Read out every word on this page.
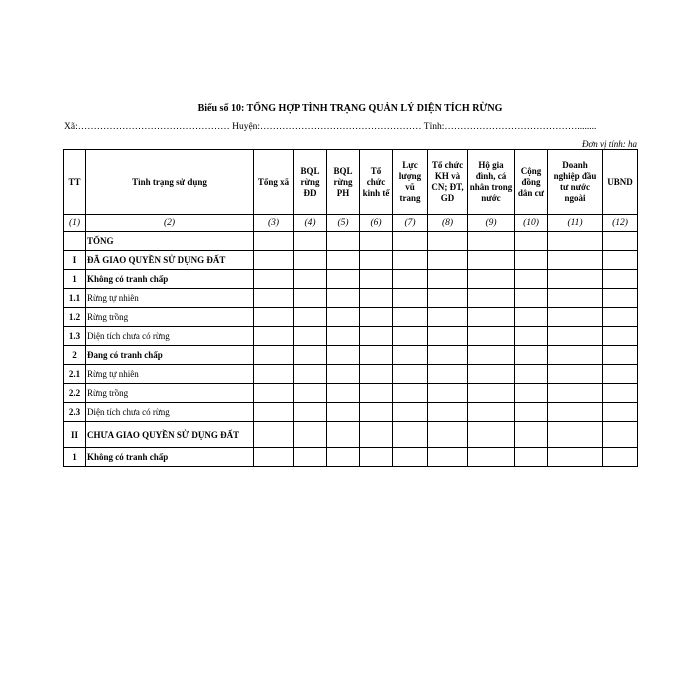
Biểu số 10: TỔNG HỢP TÌNH TRẠNG QUẢN LÝ DIỆN TÍCH RỪNG
Xã:………………………………………… Huyện:…………………………………………… Tỉnh:……………………………………........
Đơn vị tính: ha
TT	Tình trạng sử dụng	Tổng xã	BQL rừng ĐD	BQL rừng PH	Tổ chức kinh tế	Lực lượng vũ trang	Tổ chức KH và CN; ĐT, GD	Hộ gia đình, cá nhân trong nước	Cộng đồng dân cư	Doanh nghiệp đầu tư nước ngoài	UBND
(1)	(2)	(3)	(4)	(5)	(6)	(7)	(8)	(9)	(10)	(11)	(12)
	TỔNG										
I	ĐÃ GIAO QUYỀN SỬ DỤNG ĐẤT										
1	Không có tranh chấp										
1.1	Rừng tự nhiên										
1.2	Rừng trồng										
1.3	Diện tích chưa có rừng										
2	Đang có tranh chấp										
2.1	Rừng tự nhiên										
2.2	Rừng trồng										
2.3	Diện tích chưa có rừng										
II	CHƯA GIAO QUYỀN SỬ DỤNG ĐẤT										
1	Không có tranh chấp										
